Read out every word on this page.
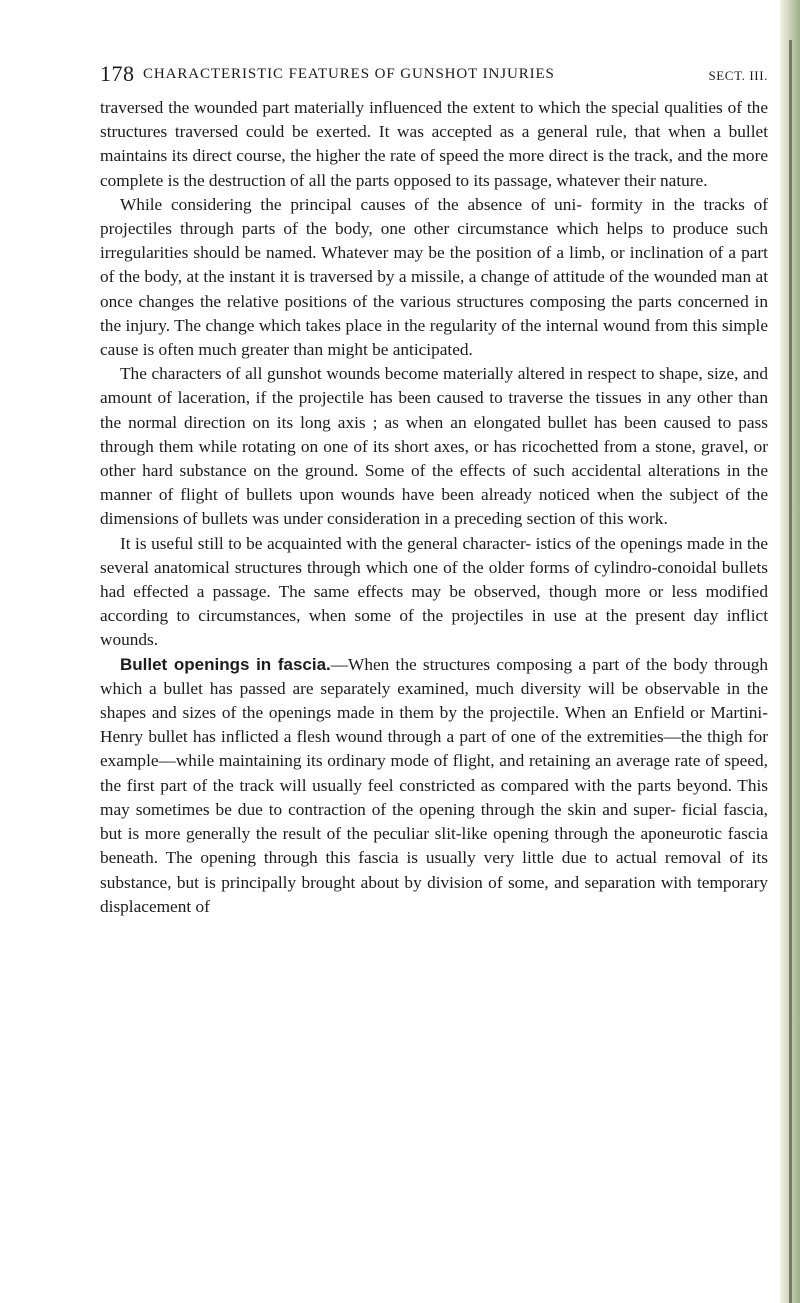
178 CHARACTERISTIC FEATURES OF GUNSHOT INJURIES	SECT. III.

traversed the wounded part materially influenced the extent to which the special qualities of the structures traversed could be exerted. It was accepted as a general rule, that when a bullet maintains its direct course, the higher the rate of speed the more direct is the track, and the more complete is the destruction of all the parts opposed to its passage, whatever their nature.

While considering the principal causes of the absence of uni- formity in the tracks of projectiles through parts of the body, one other circumstance which helps to produce such irregularities should be named. Whatever may be the position of a limb, or inclination of a part of the body, at the instant it is traversed by a missile, a change of attitude of the wounded man at once changes the relative positions of the various structures composing the parts concerned in the injury. The change which takes place in the regularity of the internal wound from this simple cause is often much greater than might be anticipated.

The characters of all gunshot wounds become materially altered in respect to shape, size, and amount of laceration, if the projectile has been caused to traverse the tissues in any other than the normal direction on its long axis ; as when an elongated bullet has been caused to pass through them while rotating on one of its short axes, or has ricochetted from a stone, gravel, or other hard substance on the ground. Some of the effects of such accidental alterations in the manner of flight of bullets upon wounds have been already noticed when the subject of the dimensions of bullets was under consideration in a preceding section of this work.

It is useful still to be acquainted with the general character- istics of the openings made in the several anatomical structures through which one of the older forms of cylindro-conoidal bullets had effected a passage. The same effects may be observed, though more or less modified according to circumstances, when some of the projectiles in use at the present day inflict wounds.

Bullet openings in fascia.—When the structures composing a part of the body through which a bullet has passed are separately examined, much diversity will be observable in the shapes and sizes of the openings made in them by the projectile. When an Enfield or Martini-Henry bullet has inflicted a flesh wound through a part of one of the extremities—the thigh for example—while maintaining its ordinary mode of flight, and retaining an average rate of speed, the first part of the track will usually feel constricted as compared with the parts beyond. This may sometimes be due to contraction of the opening through the skin and super- ficial fascia, but is more generally the result of the peculiar slit-like opening through the aponeurotic fascia beneath. The opening through this fascia is usually very little due to actual removal of its substance, but is principally brought about by division of some, and separation with temporary displacement of
